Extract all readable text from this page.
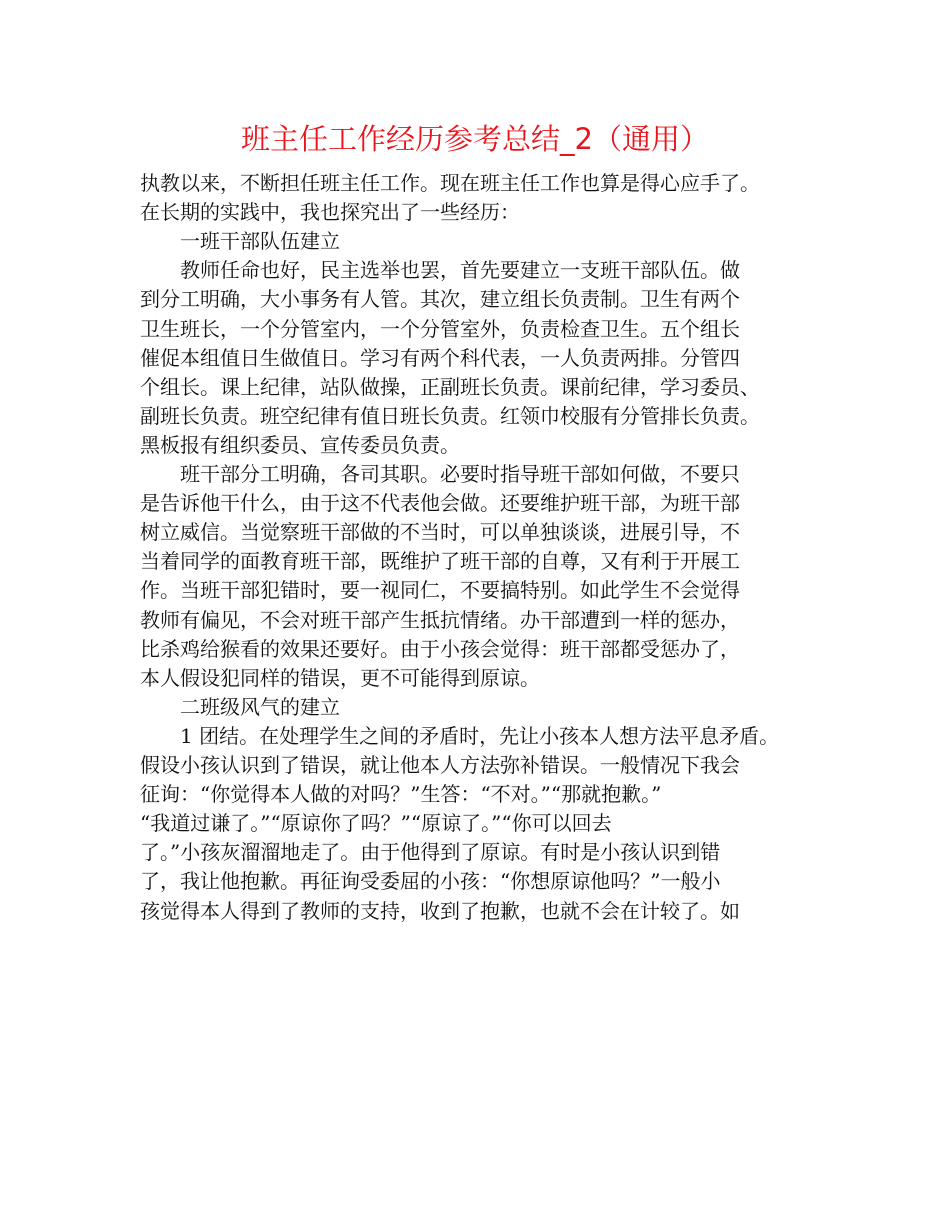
班主任工作经历参考总结_2（通用）
执教以来，不断担任班主任工作。现在班主任工作也算是得心应手了。
在长期的实践中，我也探究出了一些经历：
　　一班干部队伍建立
　　教师任命也好，民主选举也罢，首先要建立一支班干部队伍。做
到分工明确，大小事务有人管。其次，建立组长负责制。卫生有两个
卫生班长，一个分管室内，一个分管室外，负责检查卫生。五个组长
催促本组值日生做值日。学习有两个科代表，一人负责两排。分管四
个组长。课上纪律，站队做操，正副班长负责。课前纪律，学习委员、
副班长负责。班空纪律有值日班长负责。红领巾校服有分管排长负责。
黑板报有组织委员、宣传委员负责。
　　班干部分工明确，各司其职。必要时指导班干部如何做，不要只
是告诉他干什么，由于这不代表他会做。还要维护班干部，为班干部
树立威信。当觉察班干部做的不当时，可以单独谈谈，进展引导，不
当着同学的面教育班干部，既维护了班干部的自尊，又有利于开展工
作。当班干部犯错时，要一视同仁，不要搞特别。如此学生不会觉得
教师有偏见，不会对班干部产生抵抗情绪。办干部遭到一样的惩办，
比杀鸡给猴看的效果还要好。由于小孩会觉得：班干部都受惩办了，
本人假设犯同样的错误，更不可能得到原谅。
　　二班级风气的建立
　　1 团结。在处理学生之间的矛盾时，先让小孩本人想方法平息矛盾。
假设小孩认识到了错误，就让他本人方法弥补错误。一般情况下我会
征询：“你觉得本人做的对吗？”生答：“不对。”“那就抱歉。”
“我道过谦了。”“原谅你了吗？”“原谅了。”“你可以回去
了。”小孩灰溜溜地走了。由于他得到了原谅。有时是小孩认识到错
了，我让他抱歉。再征询受委屈的小孩：“你想原谅他吗？”一般小
孩觉得本人得到了教师的支持，收到了抱歉，也就不会在计较了。如
